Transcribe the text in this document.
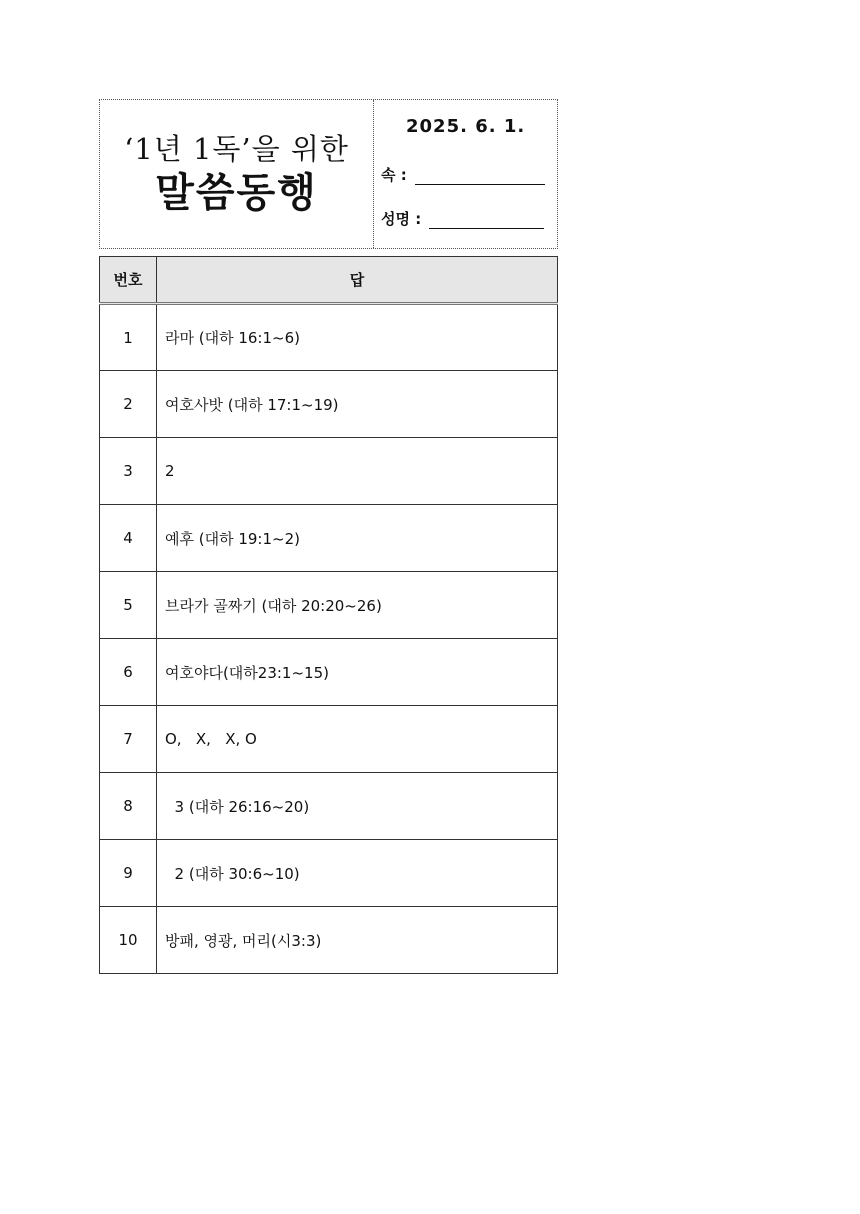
‘1년 1독’을 위한
말씀동행
2025. 6. 1.
속 :
성명 :
번호	답
1	라마 (대하 16:1~6)
2	여호사밧 (대하 17:1~19)
3	2
4	예후 (대하 19:1~2)
5	브라가 골짜기 (대하 20:20~26)
6	여호야다(대하23:1~15)
7	O,   X,   X, O
8	3 (대하 26:16~20)
9	2 (대하 30:6~10)
10	방패, 영광, 머리(시3:3)
